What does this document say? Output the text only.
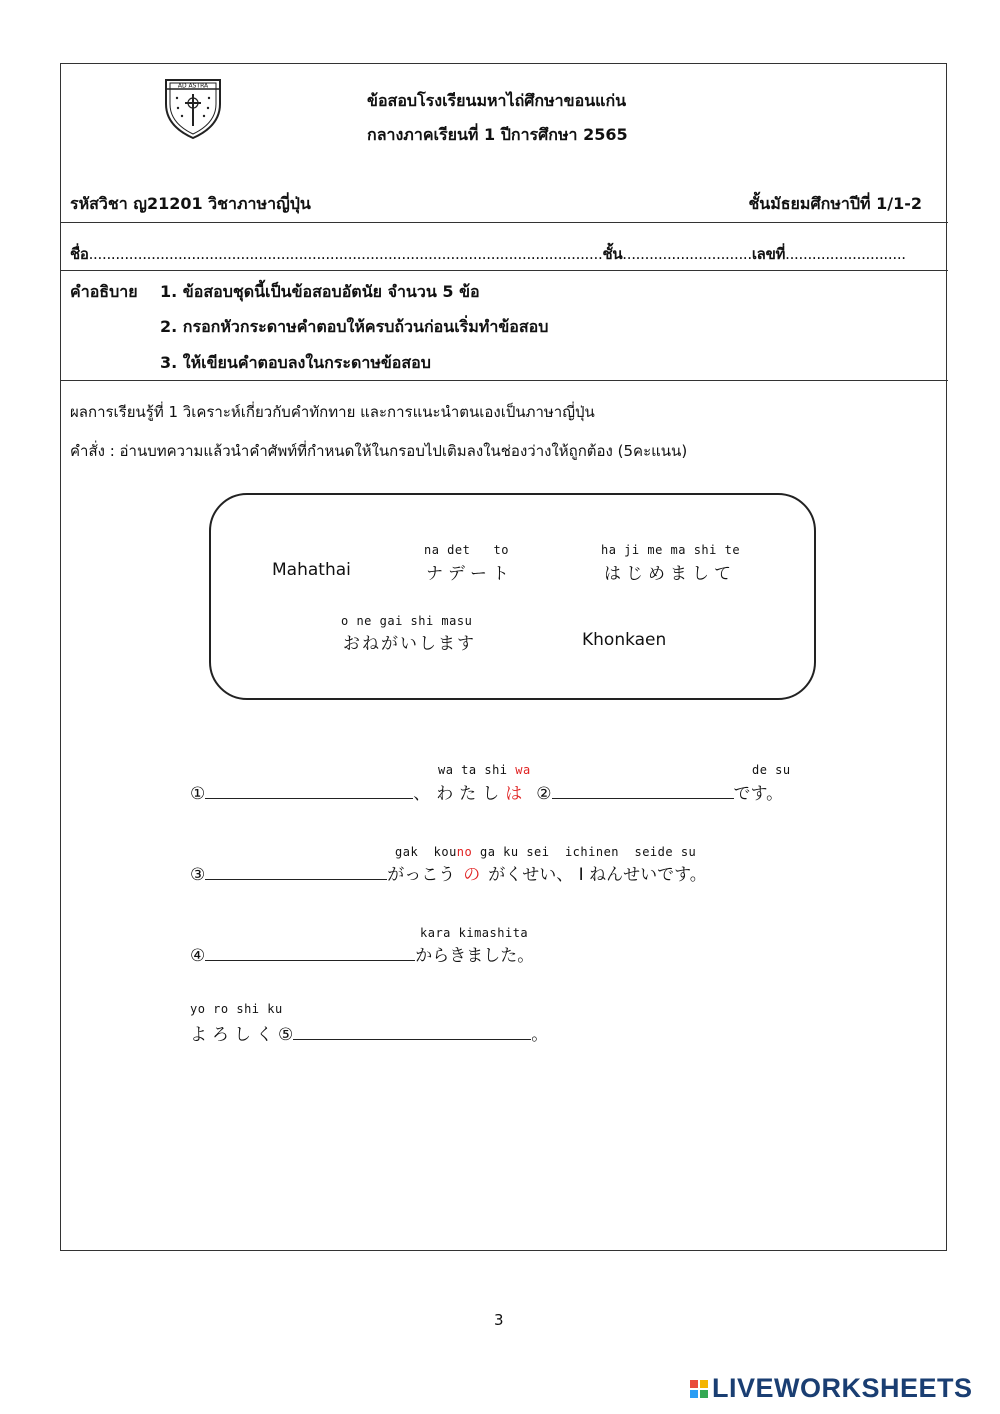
AD ASTRA
ข้อสอบโรงเรียนมหาไถ่ศึกษาขอนแก่น
กลางภาคเรียนที่ 1 ปีการศึกษา 2565
รหัสวิชา ญ21201 วิชาภาษาญี่ปุ่น	ชั้นมัธยมศึกษาปีที่ 1/1-2
ชื่อ...................................................................................................................ชั้น.............................เลขที่...........................
คำอธิบาย 1. ข้อสอบชุดนี้เป็นข้อสอบอัตนัย จำนวน 5 ข้อ
2. กรอกหัวกระดาษคำตอบให้ครบถ้วนก่อนเริ่มทำข้อสอบ
3. ให้เขียนคำตอบลงในกระดาษข้อสอบ
ผลการเรียนรู้ที่ 1 วิเคราะห์เกี่ยวกับคำทักทาย และการแนะนำตนเองเป็นภาษาญี่ปุ่น
คำสั่ง : อ่านบทความแล้วนำคำศัพท์ที่กำหนดให้ในกรอบไปเติมลงในช่องว่างให้ถูกต้อง (5คะแนน)
Mahathai
na det   to
ナデート
ha ji me ma shi te
はじめまして
o ne gai shi masu
おねがいします	Khonkaen
wa ta shi wa	de su
①	、わたし は ②	です。
gak  kouno ga ku sei  ichinen  seide su
③	がっこう の がくせい、 I ねんせいです。
kara kimashita
④	からきました。
yo ro shi ku
よろしく ⑤	。
3
LIVEWORKSHEETS
